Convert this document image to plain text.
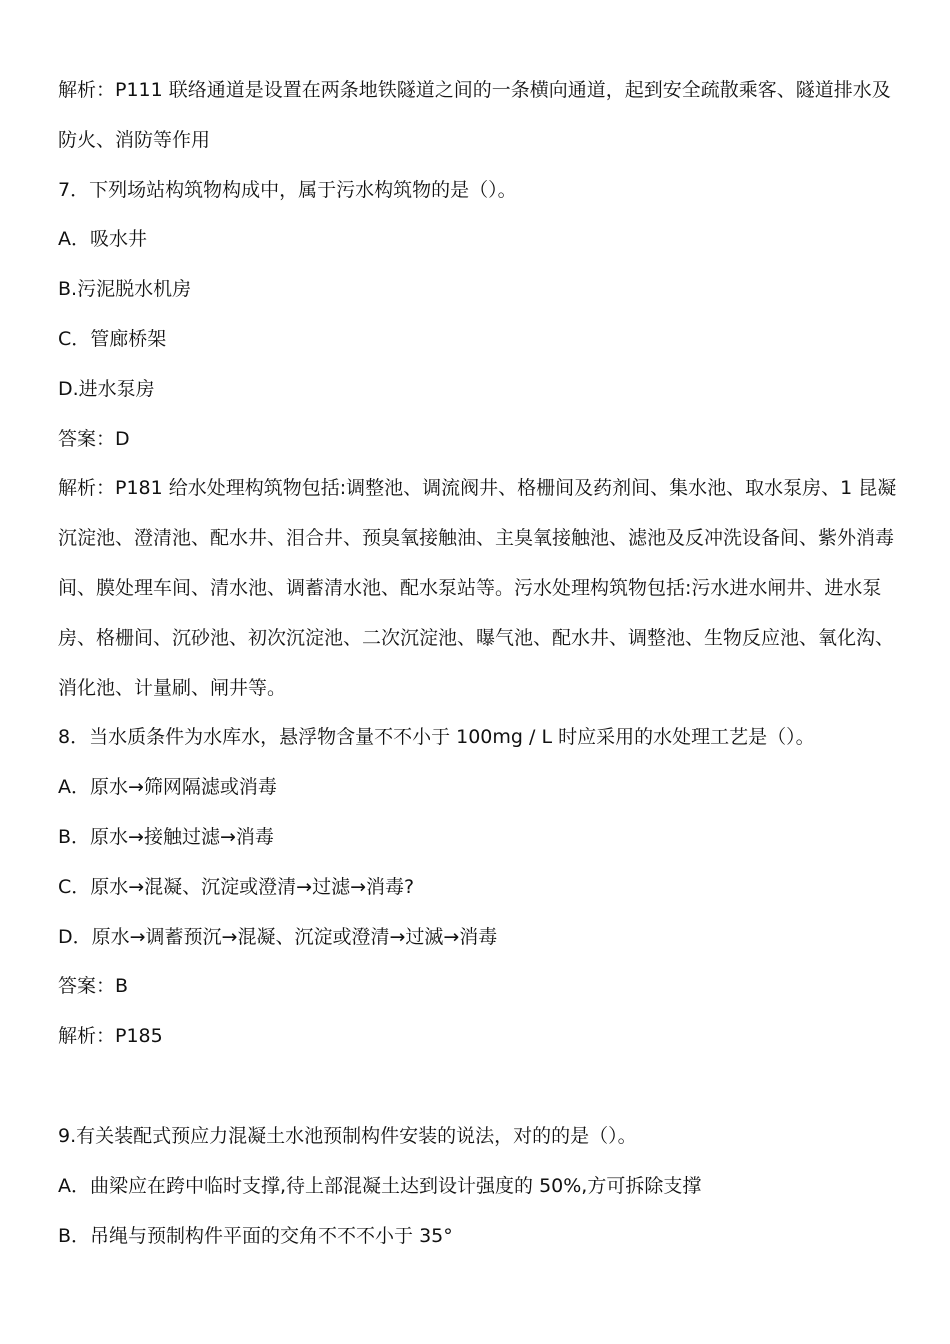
解析：P111 联络通道是设置在两条地铁隧道之间的一条横向通道，起到安全疏散乘客、隧道排水及防火、消防等作用
7．下列场站构筑物构成中，属于污水构筑物的是（）。
A．吸水井
B.污泥脱水机房
C．管廊桥架
D.进水泵房
答案：D
解析：P181 给水处理构筑物包括:调整池、调流阀井、格栅间及药剂间、集水池、取水泵房、1 昆凝沉淀池、澄清池、配水井、泪合井、预臭氧接触油、主臭氧接触池、滤池及反冲洗设备间、紫外消毒间、膜处理车间、清水池、调蓄清水池、配水泵站等。污水处理构筑物包括:污水进水闸井、进水泵房、格栅间、沉砂池、初次沉淀池、二次沉淀池、曝气池、配水井、调整池、生物反应池、氧化沟、消化池、计量刷、闸井等。
8．当水质条件为水库水，悬浮物含量不不小于 100mg / L 时应采用的水处理工艺是（）。
A．原水→筛网隔滤或消毒
B．原水→接触过滤→消毒
C．原水→混凝、沉淀或澄清→过滤→消毒?
D．原水→调蓄预沉→混凝、沉淀或澄清→过滅→消毒
答案：B
解析：P185
9.有关装配式预应力混凝土水池预制构件安装的说法，对的的是（）。
A．曲梁应在跨中临时支撑,待上部混凝土达到设计强度的 50%,方可拆除支撑
B．吊绳与预制构件平面的交角不不不小于 35°
